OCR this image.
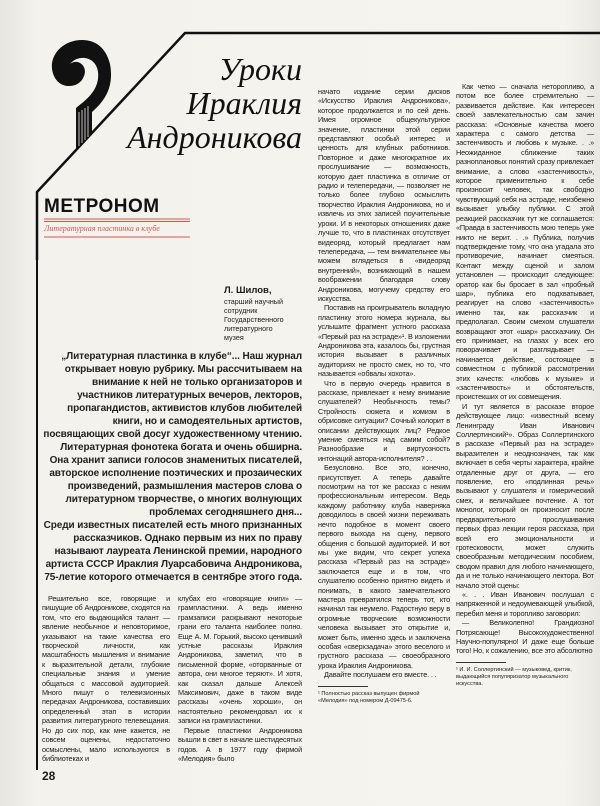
МЕТРОНОМ
Литературная пластинка в клубе
Уроки
Ираклия
Андроникова
Л. Шилов,
старший научный
сотрудник
Государственного
литературного
музея

„Литературная пластинка в клубе“... Наш журнал открывает новую рубрику. Мы рассчитываем на внимание к ней не только организаторов и участников литературных вечеров, лекторов, пропагандистов, активистов клубов любителей книги, но и самодеятельных артистов, посвящающих свой досуг художественному чтению. Литературная фонотека богата и очень обширна. Она хранит записи голосов знаменитых писателей, авторское исполнение поэтических и прозаических произведений, размышления мастеров слова о литературном творчестве, о многих волнующих проблемах сегодняшнего дня...

Среди известных писателей есть много признанных рассказчиков. Однако первым из них по праву называют лауреата Ленинской премии, народного артиста СССР Ираклия Луарсабовича Андроникова, 75-летие которого отмечается в сентябре этого года.

Решительно все, говорящие и пишущие об Андроникове, сходятся на том, что его выдающийся талант — явление необычное и неповторимое, указывают на такие качества его творческой личности, как масштабность мышления и внимание к выразительной детали, глубокие специальные знания и умение общаться с массовой аудиторией. Много пишут о телевизионных передачах Андроникова, составивших определенный этап в истории развития литературного телевещания. Но до сих пор, как мне кажется, не совсем оценены, недостаточно осмыслены, мало используются в библиотеках и

клубах его «говорящие книги» — грампластинки. А ведь именно грамзаписи раскрывают некоторые грани его таланта наиболее полно. Еще А. М. Горький, высоко ценивший устные рассказы Ираклия Андроникова, заметил, что в письменной форме, «оторванные от автора, они многое теряют». И хотя, как сказал дальше Алексей Максимович, даже в таком виде рассказы «очень хороши», он настоятельно рекомендовал их к записи на грампластинки.

Первые пластинки Андроникова вышли в свет в начале шестидесятых годов. А в 1977 году фирмой «Мелодия» было

28

начато издание серии дисков «Искусство Ираклия Андроникова», которое продолжается и по сей день. Имея огромное общекультурное значение, пластинки этой серии представляют особый интерес и ценность для клубных работников. Повторное и даже многократное их прослушивание — возможность, которую дает пластинка в отличие от радио и телепередачи, — позволяет не только более глубоко осмыслить творчество Ираклия Андроникова, но и извлечь из этих записей поучительные уроки. И в некоторых отношениях даже лучше то, что в пластинках отсутствует видеоряд, который предлагает нам телепередача, — тем внимательнее мы можем вглядеться в «видеоряд внутренний», возникающий в нашем воображении благодаря слову Андроникова, могучему средству его искусства.

Поставив на проигрыватель вкладную пластинку этого номера журнала, вы услышите фрагмент устного рассказа «Первый раз на эстраде»¹. В изложении Андроникова эта, казалось бы, грустная история вызывает в различных аудиториях не просто смех, но то, что называется «обвалы хохота».

Что в первую очередь нравится в рассказе, привлекает к нему внимание слушателей? Необычность темы? Стройность сюжета и комизм в обрисовке ситуации? Сочный колорит в описании действующих лиц? Редкое умение смеяться над самим собой? Разнообразие и виртуозность интонаций автора-исполнителя? . .

Безусловно. Все это, конечно, присутствует. А теперь давайте посмотрим на тот же рассказ с неким профессиональным интересом. Ведь каждому работнику клуба наверняка доводилось в своей жизни переживать нечто подобное в момент своего первого выхода на сцену, первого общения с большой аудиторией. И вот мы уже видим, что секрет успеха рассказа «Первый раз на эстраде» заключается еще и в том, что слушателю особенно приятно видеть и понимать, в какого замечательного мастера превратился теперь тот, кто начинал так неумело. Радостную веру в огромные творческие возможности человека вызывает это открытие и, может быть, именно здесь и заключена особая «сверхзадача» этого веселого и грустного рассказа — своеобразного урока Ираклия Андроникова.

Давайте послушаем его вместе. . .

¹ Полностью рассказ выпущен фирмой «Мелодия» под номером Д-09475-6.

Как четко — сначала неторопливо, а потом все более стремительно — развивается действие. Как интересен своей завлекательностью сам зачин рассказа: «Основные качества моего характера с самого детства — застенчивость и любовь к музыке. . .» Неожиданное сближение таких разноплановых понятий сразу привлекает внимание, а слово «застенчивость», которое применительно к себе произносит человек, так свободно чувствующий себя на эстраде, неизбежно вызывает улыбку публики. С этой реакцией рассказчик тут же соглашается: «Правда в застенчивость мою теперь уже никто не верит. . .» Публика, получив подтверждение тому, что она угадала это противоречие, начинает смеяться. Контакт между сценой и залом установлен — происходит следующее: оратор как бы бросает в зал «пробный шар», публика его подхватывает, реагирует на слово «застенчивость» именно так, как рассказчик и предполагал. Своим смехом слушатели возвращают этот «шар» рассказчику. Он его принимает, на глазах у всех его поворачивает и разглядывает — начинается действие, состоящее в совместном с публикой рассмотрении этих качеств: «любовь к музыке» и «застенчивость» и обстоятельств, проистекших от их совмещения.

И тут является в рассказе второе действующее лицо: «известный всему Ленинграду Иван Иванович Соллертинский¹». Образ Соллертинского в рассказе «Первый раз на эстраде» выразителен и неоднозначен, так как включает в себя черты характера, крайне отдаленные друг от друга, — его появление, его «подлинная речь» вызывают у слушателя и гомерический смех, и величайшее почтение. А тот монолог, который он произносит после предварительного прослушивания первых фраз лекции героя рассказа, при всей его эмоциональности и гротесковости, может служить своеобразным методическим пособием, сводом правил для любого начинающего, да и не только начинающего лектора. Вот начало этой сцены:

«. . . Иван Иванович послушал с напряженной и недоумевающей улыбкой, перебил меня и торопливо заговорил:

— Великолепно! Грандиозно! Потрясающе! Высокохудожественно! Научно-популярно! И даже еще больше того! Но, к сожалению, все это абсолютно

¹ И. И. Соллертинский — музыковед, критик, выдающийся популяризатор музыкального искусства.
